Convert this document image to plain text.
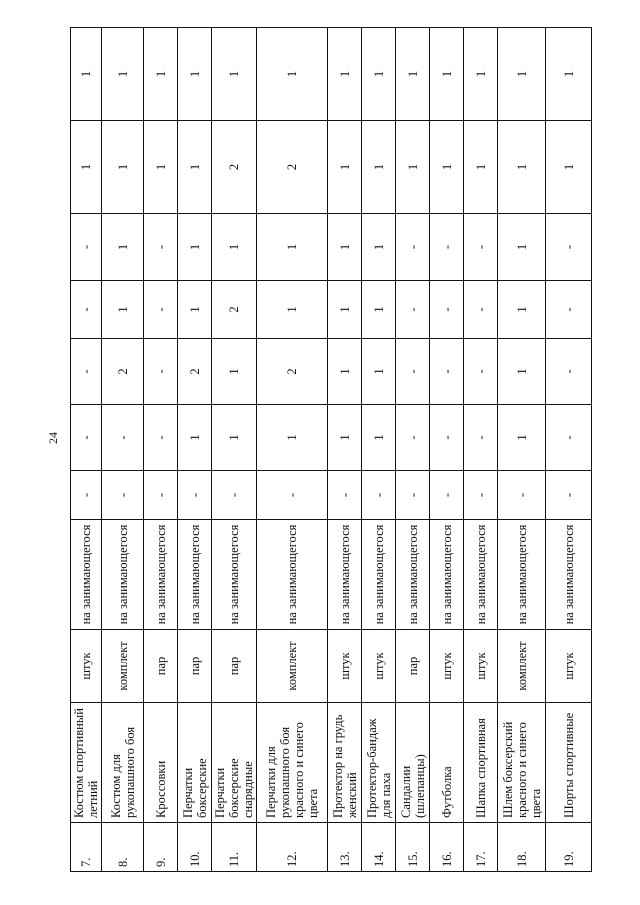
24
7.	Костюм спортивный летний	штук	на занимающегося	-	-	-	-	-	1	1
8.	Костюм для рукопашного боя	комплект	на занимающегося	-	-	2	1	1	1	1
9.	Кроссовки	пар	на занимающегося	-	-	-	-	-	1	1
10.	Перчатки боксерские	пар	на занимающегося	-	1	2	1	1	1	1
11.	Перчатки боксерские снарядные	пар	на занимающегося	-	1	1	2	1	2	1
12.	Перчатки для рукопашного боя красного и синего цвета	комплект	на занимающегося	-	1	2	1	1	2	1
13.	Протектор на грудь женский	штук	на занимающегося	-	1	1	1	1	1	1
14.	Протектор-бандаж для паха	штук	на занимающегося	-	1	1	1	1	1	1
15.	Сандалии (шлепанцы)	пар	на занимающегося	-	-	-	-	-	1	1
16.	Футболка	штук	на занимающегося	-	-	-	-	-	1	1
17.	Шапка спортивная	штук	на занимающегося	-	-	-	-	-	1	1
18.	Шлем боксерский красного и синего цвета	комплект	на занимающегося	-	1	1	1	1	1	1
19.	Шорты спортивные	штук	на занимающегося	-	-	-	-	-	1	1
